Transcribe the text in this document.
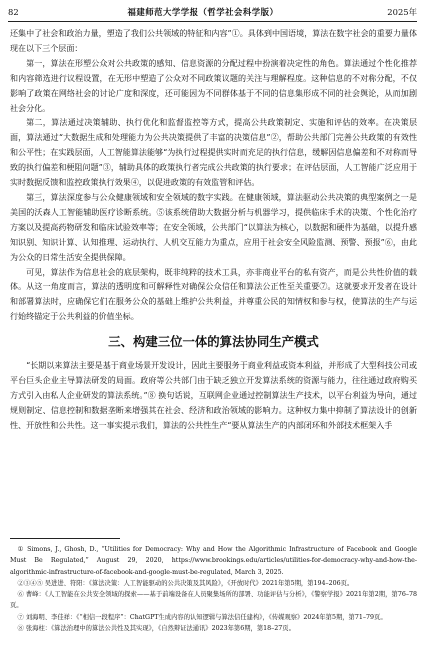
82	福建师范大学学报（哲学社会科学版）	2025年

还集中了社会和政治力量，塑造了我们公共领域的特征和内容”①。具体到中国语境，算法在数字社会的重要力量体现在以下三个层面：

第一，算法在形塑公众对公共政策的感知、信息资源的分配过程中扮演着决定性的角色。算法通过个性化推荐和内容筛选进行议程设置，在无形中塑造了公众对不同政策议题的关注与理解程度。这种信息的不对称分配，不仅影响了政策在网络社会的讨论广度和深度，还可能因为不同群体基于不同的信息集形成不同的社会舆论，从而加剧社会分化。

第二，算法通过决策辅助、执行优化和监督监控等方式，提高公共政策制定、实施和评估的效率。在决策层面，算法通过“大数据生成和处理能力为公共决策提供了丰富的决策信息”②，帮助公共部门完善公共政策的有效性和公平性；在实践层面，人工智能算法能够“为执行过程提供实时而充足的执行信息，缓解因信息偏差和不对称而导致的执行偏差和梗阻问题”③，辅助具体的政策执行者完成公共政策的执行要求；在评估层面，人工智能广泛应用于实时数据反馈和监控政策执行效果④，以促进政策的有效监管和评估。

第三，算法深度参与公众健康领域和安全领域的数字实践。在健康领域，算法驱动公共决策的典型案例之一是美国的沃森人工智能辅助医疗诊断系统。⑤该系统借助大数据分析与机器学习，提供临床手术的决策、个性化治疗方案以及提高药物研发和临床试验效率等；在安全领域，公共部门“以算法为核心，以数据和硬件为基础，以提升感知识别、知识计算、认知推理、运动执行、人机交互能力为重点，应用于社会安全风险监测、预警、预报”⑥，由此为公众的日常生活安全提供保障。

可见，算法作为信息社会的底层架构，既非纯粹的技术工具，亦非商业平台的私有资产，而是公共性价值的载体。从这一角度而言，算法的透明度和可解释性对确保公众信任和算法公正性至关重要⑦。这就要求开发者在设计和部署算法时，应确保它们在服务公众的基础上维护公共利益，并尊重公民的知情权和参与权，使算法的生产与运行始终锚定于公共利益的价值坐标。

三、构建三位一体的算法协同生产模式

“长期以来算法主要是基于商业场景开发设计，因此主要服务于商业利益或资本利益，并形成了大型科技公司或平台巨头企业主导算法研发的局面。政府等公共部门由于缺乏独立开发算法系统的资源与能力，往往通过政府购买方式引入由私人企业研发的算法系统。”⑧ 换句话说，互联网企业通过控制算法生产技术，以平台利益为导向，通过规则制定、信息控制和数据垄断来增强其在社会、经济和政治领域的影响力。这种权力集中抑制了算法设计的创新性、开放性和公共性。这一事实提示我们，算法的公共性生产“要从算法生产的内部闭环和外部技术框架入手

① Simons, J., Ghosh, D., “Utilities for Democracy: Why and How the Algorithmic Infrastructure of Facebook and Google Must Be Regulated,” August 29, 2020, https://www.brookings.edu/articles/utilities-for-democracy-why-and-how-the-algorithmic-infrastructure-of-facebook-and-google-must-be-regulated, March 3, 2025.

②③④⑤ 吴进进、符阳：《算法决策：人工智能驱动的公共决策及其风险》，《开放时代》2021年第5期，第194–206页。

⑥ 曹峰：《人工智能在公共安全领域的探索——基于前端设备在人员聚集场所的部署、功能评估与分析》，《警察学报》2021年第2期，第76–78页。

⑦ 刘海明、李佳祥：《“相信一段程序”：ChatGPT生成内容的认知逻辑与算法信任建构》，《传媒观察》2024年第5期，第71–79页。

⑧ 张海柱：《算法治理中的算法公共性及其实现》，《自然辩证法通讯》2023年第6期，第18–27页。
